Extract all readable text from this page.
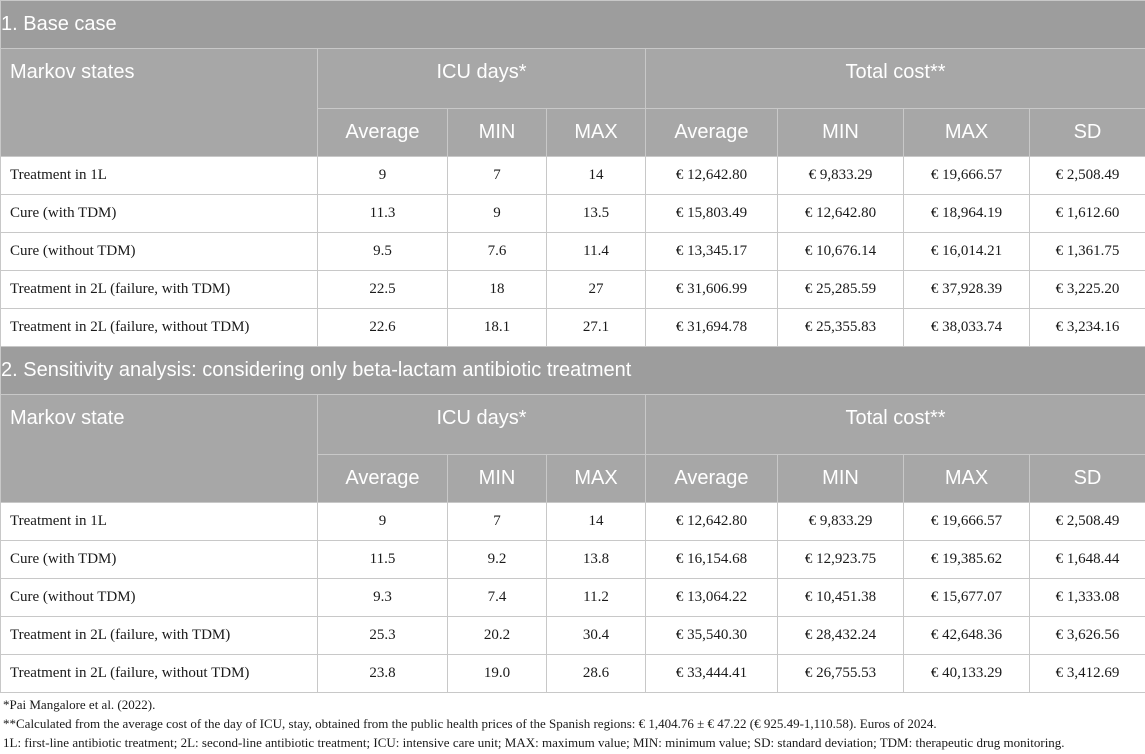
1. Base case							
Markov states	ICU days*			Total cost**			
	Average	MIN	MAX	Average	MIN	MAX	SD
Treatment in 1L	9	7	14	€ 12,642.80	€ 9,833.29	€ 19,666.57	€ 2,508.49
Cure (with TDM)	11.3	9	13.5	€ 15,803.49	€ 12,642.80	€ 18,964.19	€ 1,612.60
Cure (without TDM)	9.5	7.6	11.4	€ 13,345.17	€ 10,676.14	€ 16,014.21	€ 1,361.75
Treatment in 2L (failure, with TDM)	22.5	18	27	€ 31,606.99	€ 25,285.59	€ 37,928.39	€ 3,225.20
Treatment in 2L (failure, without TDM)	22.6	18.1	27.1	€ 31,694.78	€ 25,355.83	€ 38,033.74	€ 3,234.16
2. Sensitivity analysis: considering only beta-lactam antibiotic treatment							
Markov state	ICU days*			Total cost**			
	Average	MIN	MAX	Average	MIN	MAX	SD
Treatment in 1L	9	7	14	€ 12,642.80	€ 9,833.29	€ 19,666.57	€ 2,508.49
Cure (with TDM)	11.5	9.2	13.8	€ 16,154.68	€ 12,923.75	€ 19,385.62	€ 1,648.44
Cure (without TDM)	9.3	7.4	11.2	€ 13,064.22	€ 10,451.38	€ 15,677.07	€ 1,333.08
Treatment in 2L (failure, with TDM)	25.3	20.2	30.4	€ 35,540.30	€ 28,432.24	€ 42,648.36	€ 3,626.56
Treatment in 2L (failure, without TDM)	23.8	19.0	28.6	€ 33,444.41	€ 26,755.53	€ 40,133.29	€ 3,412.69
*Pai Mangalore et al. (2022).
**Calculated from the average cost of the day of ICU, stay, obtained from the public health prices of the Spanish regions: € 1,404.76 ± € 47.22 (€ 925.49-1,110.58). Euros of 2024.
1L: first-line antibiotic treatment; 2L: second-line antibiotic treatment; ICU: intensive care unit; MAX: maximum value; MIN: minimum value; SD: standard deviation; TDM: therapeutic drug monitoring.
